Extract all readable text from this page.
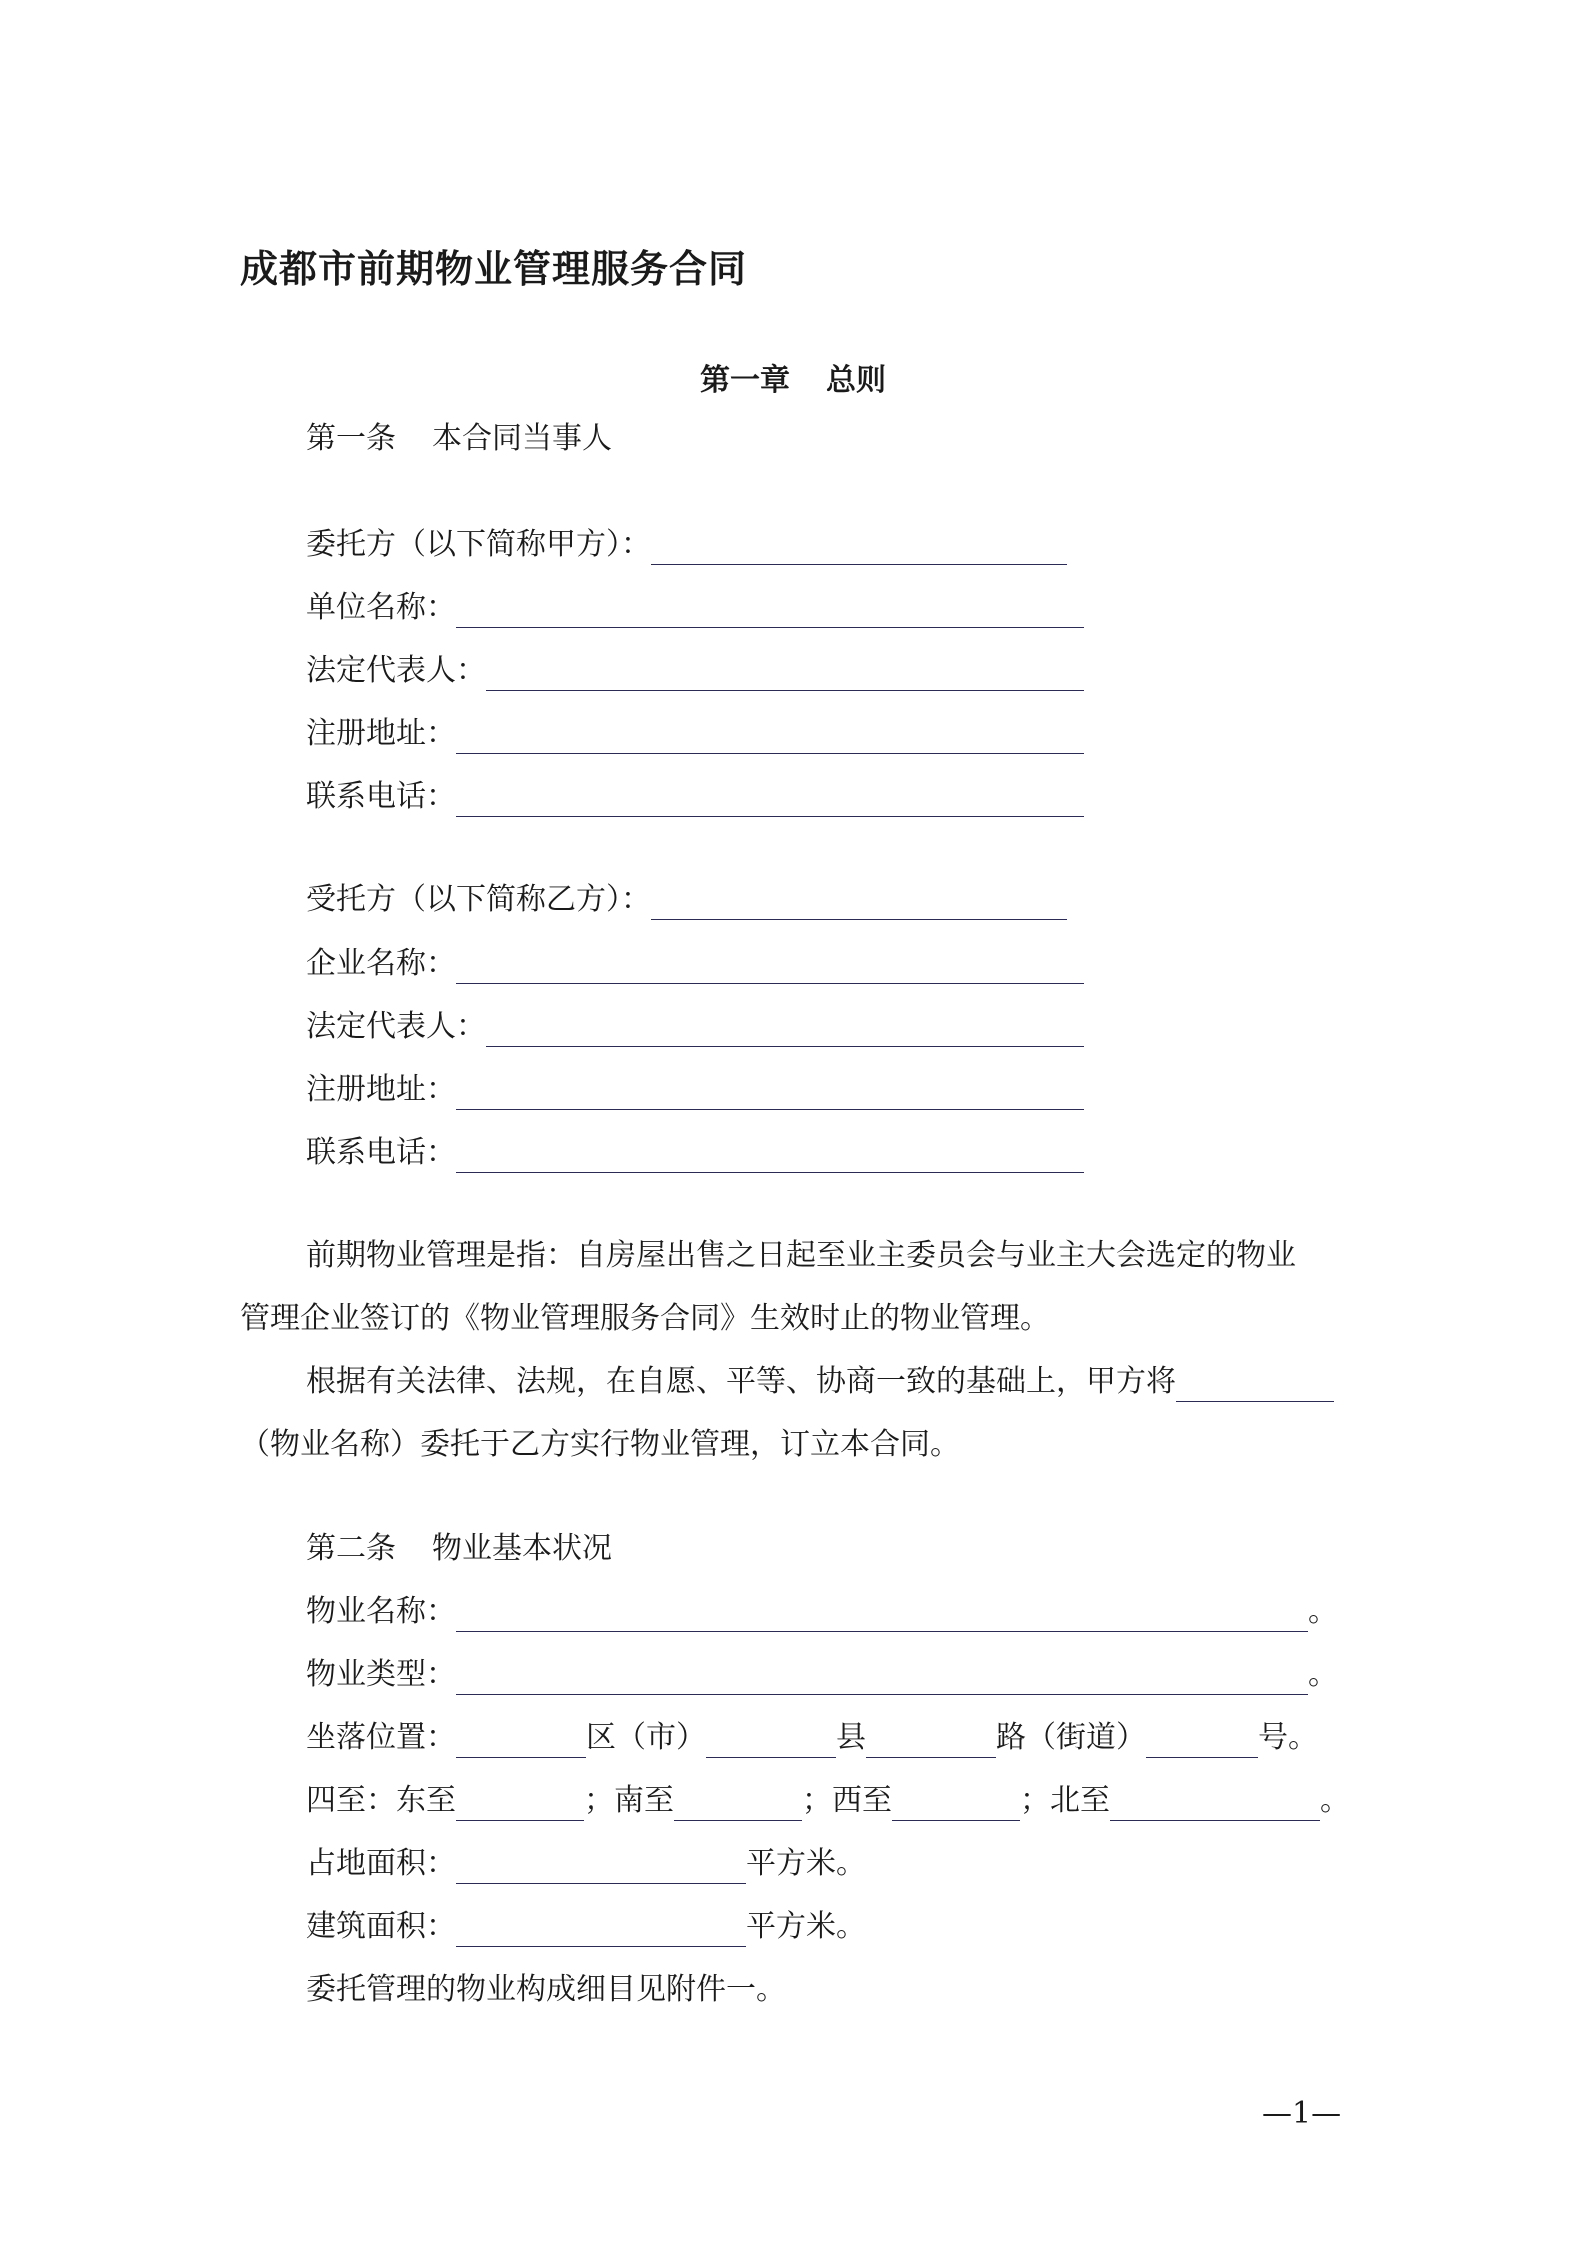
成都市前期物业管理服务合同
第一章 总则
第一条 本合同当事人
委托方（以下简称甲方）：
单位名称：
法定代表人：
注册地址：
联系电话：
受托方（以下简称乙方）：
企业名称：
法定代表人：
注册地址：
联系电话：
前期物业管理是指：自房屋出售之日起至业主委员会与业主大会选定的物业
管理企业签订的《物业管理服务合同》生效时止的物业管理。
根据有关法律、法规，在自愿、平等、协商一致的基础上，甲方将
（物业名称）委托于乙方实行物业管理，订立本合同。
第二条 物业基本状况
物业名称：	。
物业类型：	。
坐落位置：	区（市）	县	路（街道）	号。
四至：东至	；南至	；西至	；北至	。
占地面积：	平方米。
建筑面积：	平方米。
委托管理的物业构成细目见附件一。
—1—
